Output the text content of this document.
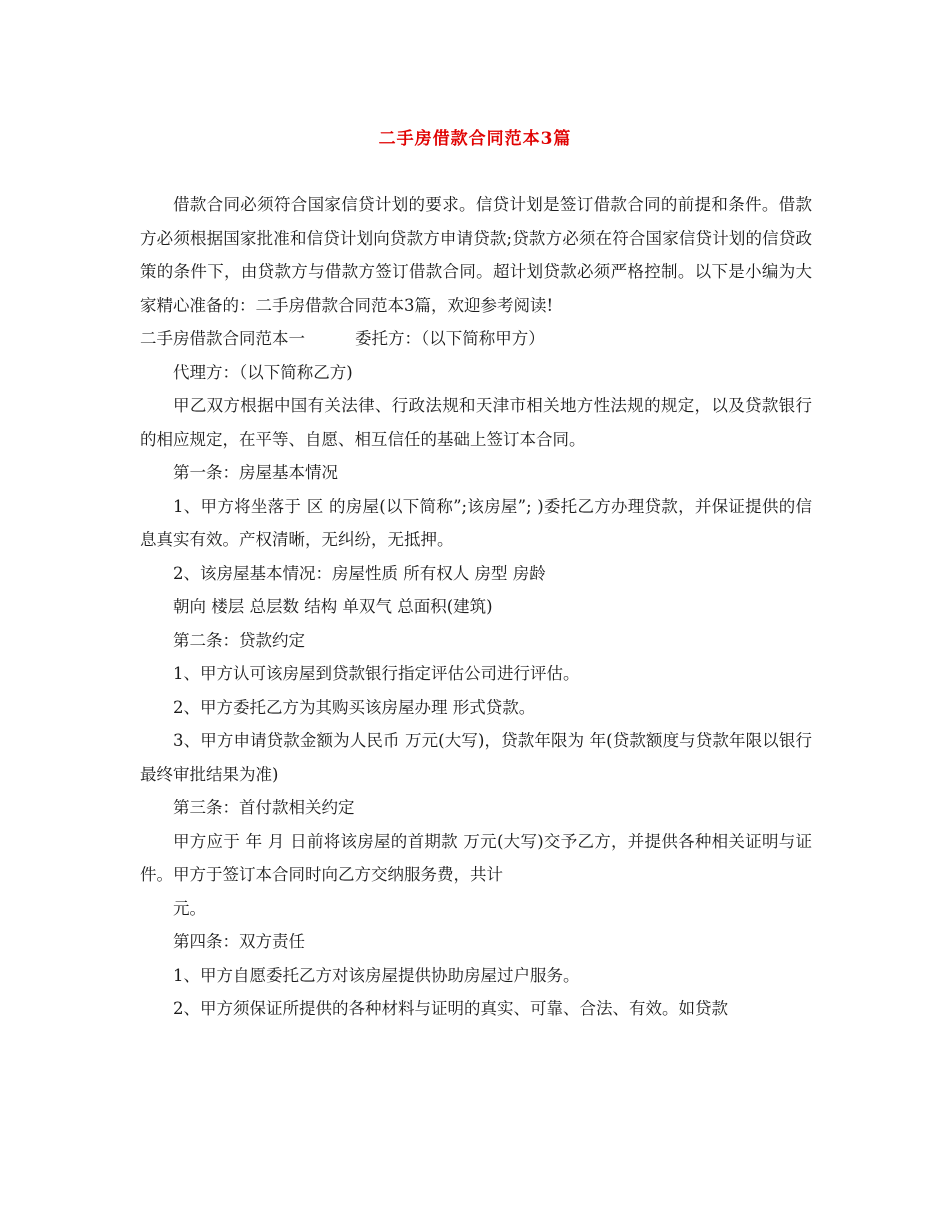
二手房借款合同范本3篇

借款合同必须符合国家信贷计划的要求。信贷计划是签订借款合同的前提和条件。借款方必须根据国家批准和信贷计划向贷款方申请贷款;贷款方必须在符合国家信贷计划的信贷政策的条件下，由贷款方与借款方签订借款合同。超计划贷款必须严格控制。以下是小编为大家精心准备的：二手房借款合同范本3篇，欢迎参考阅读!

二手房借款合同范本一	委托方：（以下简称甲方）

代理方：（以下简称乙方)

甲乙双方根据中国有关法律、行政法规和天津市相关地方性法规的规定，以及贷款银行的相应规定，在平等、自愿、相互信任的基础上签订本合同。

第一条：房屋基本情况

1、甲方将坐落于 区 的房屋(以下简称”;该房屋”; )委托乙方办理贷款，并保证提供的信息真实有效。产权清晰，无纠纷，无抵押。

2、该房屋基本情况：房屋性质 所有权人 房型 房龄

朝向 楼层 总层数 结构 单双气 总面积(建筑)

第二条：贷款约定

1、甲方认可该房屋到贷款银行指定评估公司进行评估。

2、甲方委托乙方为其购买该房屋办理 形式贷款。

3、甲方申请贷款金额为人民币 万元(大写)，贷款年限为 年(贷款额度与贷款年限以银行最终审批结果为准)

第三条：首付款相关约定

甲方应于 年 月 日前将该房屋的首期款 万元(大写)交予乙方，并提供各种相关证明与证件。甲方于签订本合同时向乙方交纳服务费，共计

元。

第四条：双方责任

1、甲方自愿委托乙方对该房屋提供协助房屋过户服务。

2、甲方须保证所提供的各种材料与证明的真实、可靠、合法、有效。如贷款
